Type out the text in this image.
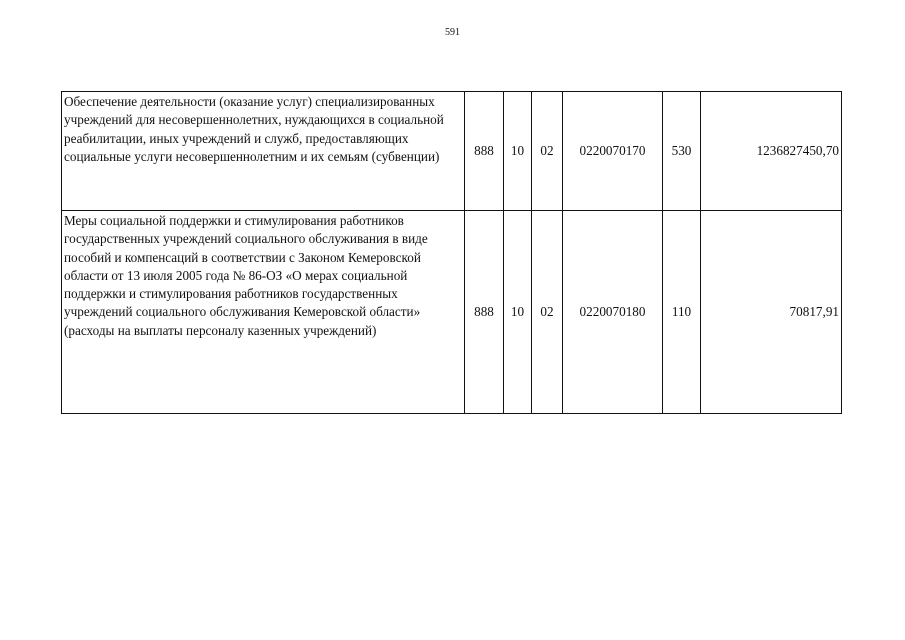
591
Обеспечение деятельности (оказание услуг) специализированных учреждений для несовершеннолетних, нуждающихся в социальной реабилитации, иных учреждений и служб, предоставляющих социальные услуги несовершеннолетним и их семьям (субвенции)	888	10	02	0220070170	530	1236827450,70
Меры социальной поддержки и стимулирования работников государственных учреждений социального обслуживания в виде пособий и компенсаций в соответствии с Законом Кемеровской области от 13 июля 2005 года № 86-ОЗ «О мерах социальной поддержки и стимулирования работников государственных учреждений социального обслуживания Кемеровской области» (расходы на выплаты персоналу казенных учреждений)	888	10	02	0220070180	110	70817,91
